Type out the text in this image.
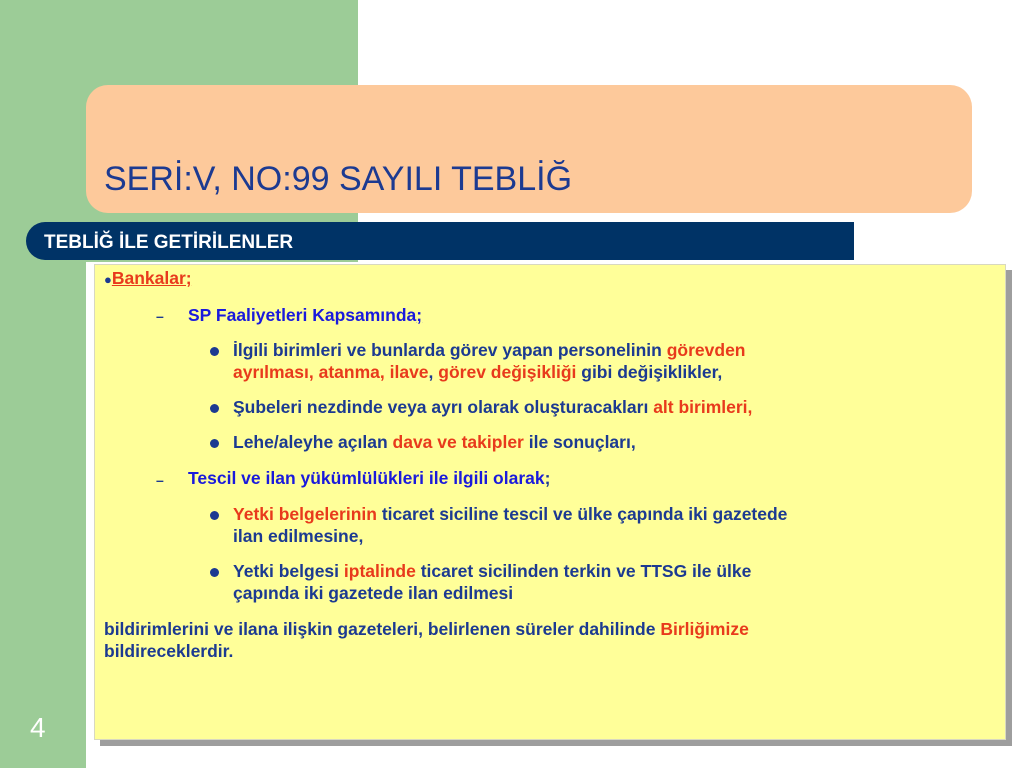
SERİ:V, NO:99 SAYILI TEBLİĞ
TEBLİĞ İLE GETİRİLENLER
●Bankalar;
– SP Faaliyetleri Kapsamında;
İlgili birimleri ve bunlarda görev yapan personelinin görevden
ayrılması, atanma, ilave, görev değişikliği gibi değişiklikler,
Şubeleri nezdinde veya ayrı olarak oluşturacakları alt birimleri,
Lehe/aleyhe açılan dava ve takipler ile sonuçları,
– Tescil ve ilan yükümlülükleri ile ilgili olarak;
Yetki belgelerinin ticaret siciline tescil ve ülke çapında iki gazetede
ilan edilmesine,
Yetki belgesi iptalinde ticaret sicilinden terkin ve TTSG ile ülke
çapında iki gazetede ilan edilmesi
bildirimlerini ve ilana ilişkin gazeteleri, belirlenen süreler dahilinde Birliğimize
bildireceklerdir.
4
